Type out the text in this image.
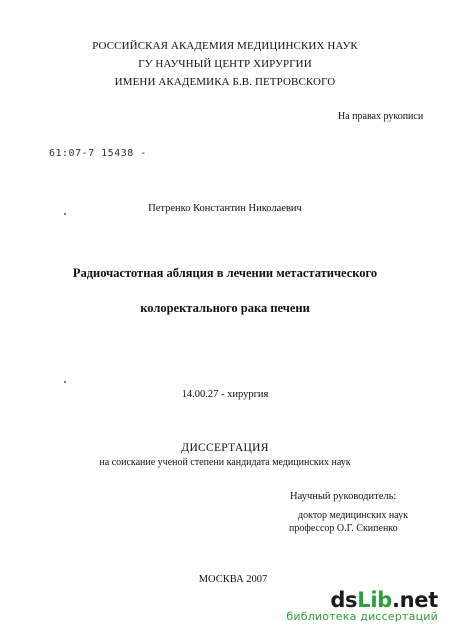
РОССИЙСКАЯ АКАДЕМИЯ МЕДИЦИНСКИХ НАУК
ГУ НАУЧНЫЙ ЦЕНТР ХИРУРГИИ
ИМЕНИ АКАДЕМИКА Б.В. ПЕТРОВСКОГО
На правах рукописи
61:07-7 15438 -
Петренко Константин Николаевич
Радиочастотная абляция в лечении метастатического
колоректального рака печени
14.00.27 - хирургия
ДИССЕРТАЦИЯ
на соискание ученой степени кандидата медицинских наук
Научный руководитель:
доктор медицинских наук
профессор О.Г. Скипенко
МОСКВА 2007
dsLib.net
библиотека диссертаций
